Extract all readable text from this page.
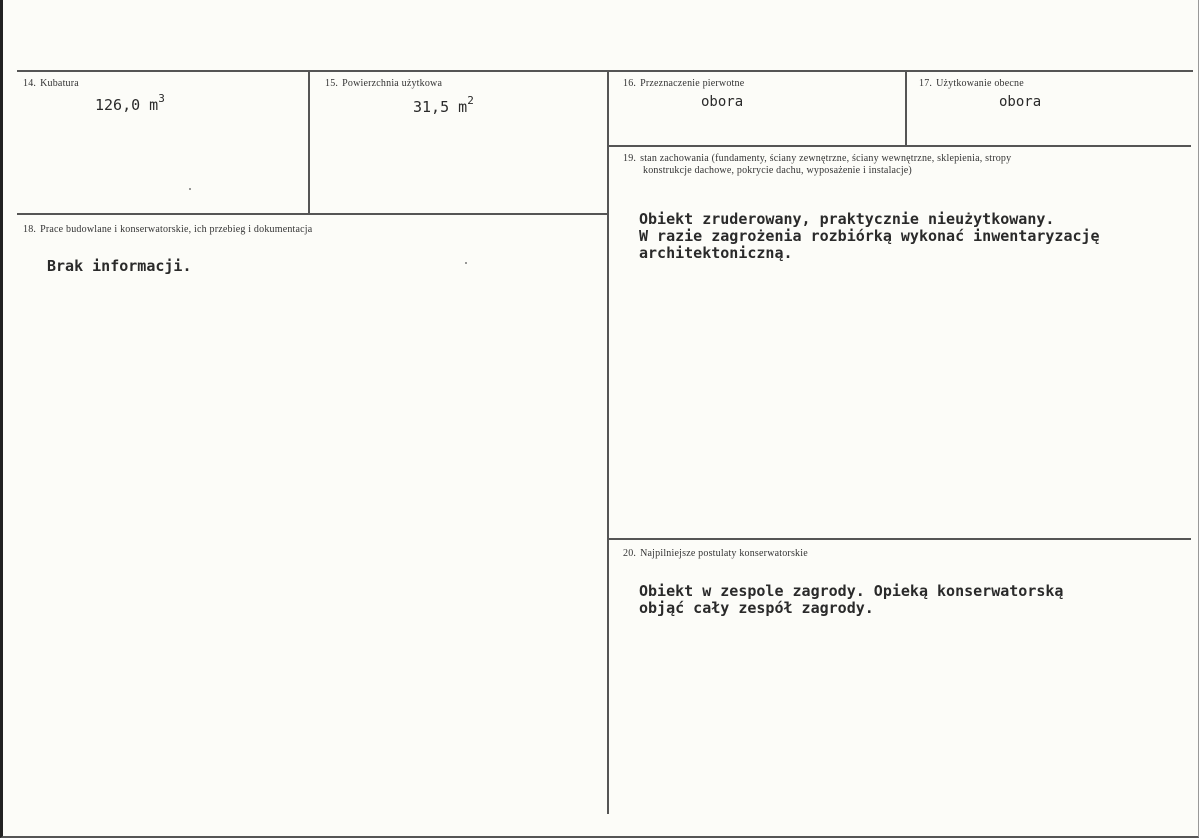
14. Kubatura
126,0 $m^3$
15. Powierzchnia użytkowa
31,5 $m^2$
16. Przeznaczenie pierwotne
obora
17. Użytkowanie obecne
obora
18. Prace budowlane i konserwatorskie, ich przebieg i dokumentacja
Brak informacji.
19. stan zachowania (fundamenty, ściany zewnętrzne, ściany wewnętrzne, sklepienia, stropy
konstrukcje dachowe, pokrycie dachu, wyposażenie i instalacje)
Obiekt zruderowany, praktycznie nieużytkowany.
W razie zagrożenia rozbiórką wykonać inwentaryzację
architektoniczną.
20. Najpilniejsze postulaty konserwatorskie
Obiekt w zespole zagrody. Opieką konserwatorską
objąć cały zespół zagrody.
